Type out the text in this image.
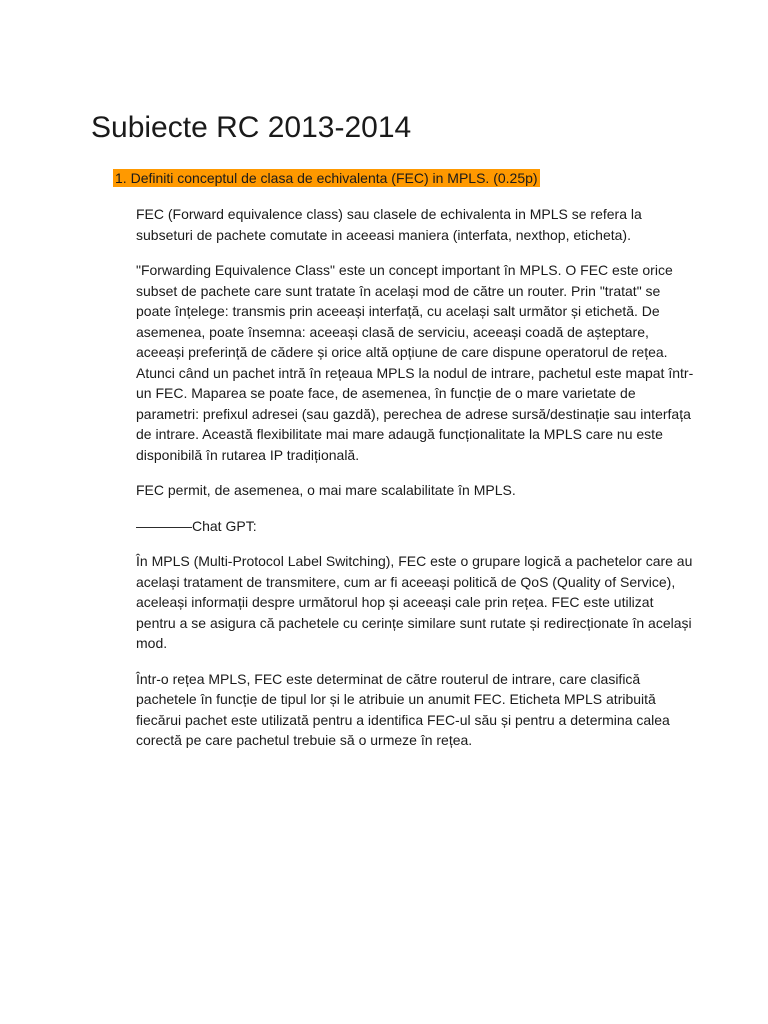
Subiecte RC 2013-2014
1. Definiti conceptul de clasa de echivalenta (FEC) in MPLS. (0.25p)

FEC (Forward equivalence class) sau clasele de echivalenta in MPLS se refera la subseturi de pachete comutate in aceeasi maniera (interfata, nexthop, eticheta).

"Forwarding Equivalence Class" este un concept important în MPLS. O FEC este orice subset de pachete care sunt tratate în același mod de către un router. Prin "tratat" se poate înțelege: transmis prin aceeași interfață, cu același salt următor și etichetă. De asemenea, poate însemna: aceeași clasă de serviciu, aceeași coadă de așteptare, aceeași preferință de cădere și orice altă opțiune de care dispune operatorul de rețea. Atunci când un pachet intră în rețeaua MPLS la nodul de intrare, pachetul este mapat într-un FEC. Maparea se poate face, de asemenea, în funcție de o mare varietate de parametri: prefixul adresei (sau gazdă), perechea de adrese sursă/destinație sau interfața de intrare. Această flexibilitate mai mare adaugă funcționalitate la MPLS care nu este disponibilă în rutarea IP tradițională.

FEC permit, de asemenea, o mai mare scalabilitate în MPLS.

————Chat GPT:

În MPLS (Multi-Protocol Label Switching), FEC este o grupare logică a pachetelor care au același tratament de transmitere, cum ar fi aceeași politică de QoS (Quality of Service), aceleași informații despre următorul hop și aceeași cale prin rețea. FEC este utilizat pentru a se asigura că pachetele cu cerințe similare sunt rutate și redirecționate în același mod.

Într-o rețea MPLS, FEC este determinat de către routerul de intrare, care clasifică pachetele în funcție de tipul lor și le atribuie un anumit FEC. Eticheta MPLS atribuită fiecărui pachet este utilizată pentru a identifica FEC-ul său și pentru a determina calea corectă pe care pachetul trebuie să o urmeze în rețea.
